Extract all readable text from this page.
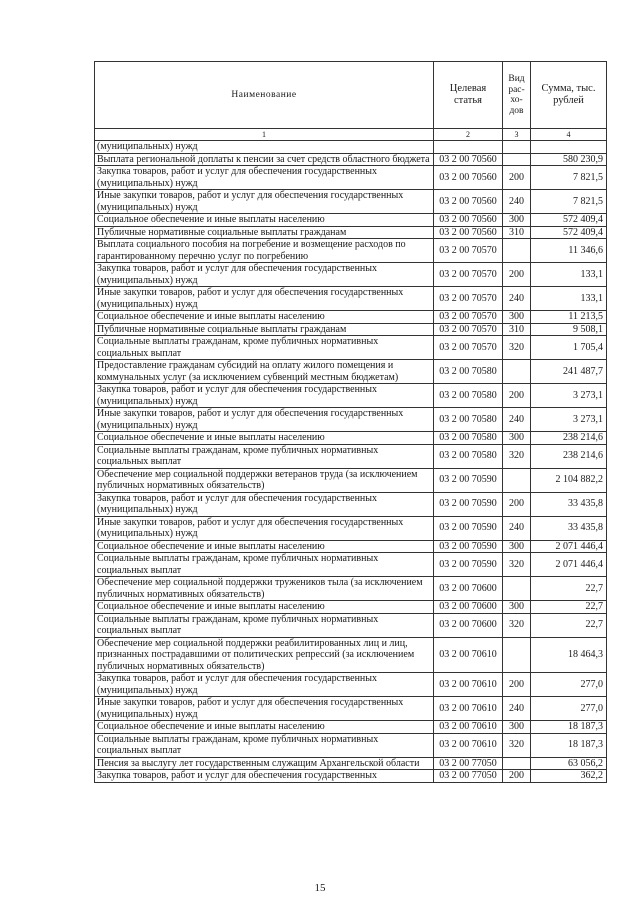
Наименование	Целевая статья	Вид рас- хо- дов	Сумма, тыс. рублей
1	2	3	4
(муниципальных) нужд			
Выплата региональной доплаты к пенсии за счет средств областного бюджета	03 2 00 70560		580 230,9
Закупка товаров, работ и услуг для обеспечения государственных (муниципальных) нужд	03 2 00 70560	200	7 821,5
Иные закупки товаров, работ и услуг для обеспечения государственных (муниципальных) нужд	03 2 00 70560	240	7 821,5
Социальное обеспечение и иные выплаты населению	03 2 00 70560	300	572 409,4
Публичные нормативные социальные выплаты гражданам	03 2 00 70560	310	572 409,4
Выплата социального пособия на погребение и возмещение расходов по гарантированному перечню услуг по погребению	03 2 00 70570		11 346,6
Закупка товаров, работ и услуг для обеспечения государственных (муниципальных) нужд	03 2 00 70570	200	133,1
Иные закупки товаров, работ и услуг для обеспечения государственных (муниципальных) нужд	03 2 00 70570	240	133,1
Социальное обеспечение и иные выплаты населению	03 2 00 70570	300	11 213,5
Публичные нормативные социальные выплаты гражданам	03 2 00 70570	310	9 508,1
Социальные выплаты гражданам, кроме публичных нормативных социальных выплат	03 2 00 70570	320	1 705,4
Предоставление гражданам субсидий на оплату жилого помещения и коммунальных услуг (за исключением субвенций местным бюджетам)	03 2 00 70580		241 487,7
Закупка товаров, работ и услуг для обеспечения государственных (муниципальных) нужд	03 2 00 70580	200	3 273,1
Иные закупки товаров, работ и услуг для обеспечения государственных (муниципальных) нужд	03 2 00 70580	240	3 273,1
Социальное обеспечение и иные выплаты населению	03 2 00 70580	300	238 214,6
Социальные выплаты гражданам, кроме публичных нормативных социальных выплат	03 2 00 70580	320	238 214,6
Обеспечение мер социальной поддержки ветеранов труда (за исключением публичных нормативных обязательств)	03 2 00 70590		2 104 882,2
Закупка товаров, работ и услуг для обеспечения государственных (муниципальных) нужд	03 2 00 70590	200	33 435,8
Иные закупки товаров, работ и услуг для обеспечения государственных (муниципальных) нужд	03 2 00 70590	240	33 435,8
Социальное обеспечение и иные выплаты населению	03 2 00 70590	300	2 071 446,4
Социальные выплаты гражданам, кроме публичных нормативных социальных выплат	03 2 00 70590	320	2 071 446,4
Обеспечение мер социальной поддержки тружеников тыла (за исключением публичных нормативных обязательств)	03 2 00 70600		22,7
Социальное обеспечение и иные выплаты населению	03 2 00 70600	300	22,7
Социальные выплаты гражданам, кроме публичных нормативных социальных выплат	03 2 00 70600	320	22,7
Обеспечение мер социальной поддержки реабилитированных лиц и лиц, признанных пострадавшими от политических репрессий (за исключением публичных нормативных обязательств)	03 2 00 70610		18 464,3
Закупка товаров, работ и услуг для обеспечения государственных (муниципальных) нужд	03 2 00 70610	200	277,0
Иные закупки товаров, работ и услуг для обеспечения государственных (муниципальных) нужд	03 2 00 70610	240	277,0
Социальное обеспечение и иные выплаты населению	03 2 00 70610	300	18 187,3
Социальные выплаты гражданам, кроме публичных нормативных социальных выплат	03 2 00 70610	320	18 187,3
Пенсия за выслугу лет государственным служащим Архангельской области	03 2 00 77050		63 056,2
Закупка товаров, работ и услуг для обеспечения государственных	03 2 00 77050	200	362,2
15
